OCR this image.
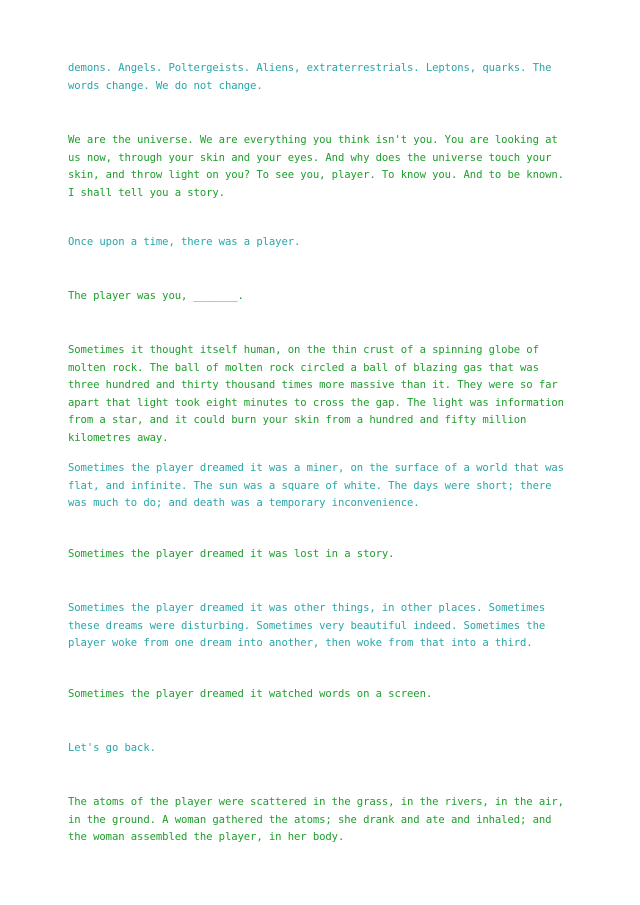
demons. Angels. Poltergeists. Aliens, extraterrestrials. Leptons, quarks. The words change. We do not change.

We are the universe. We are everything you think isn't you. You are looking at us now, through your skin and your eyes. And why does the universe touch your skin, and throw light on you? To see you, player. To know you. And to be known. I shall tell you a story.

Once upon a time, there was a player.

The player was you, _______.

Sometimes it thought itself human, on the thin crust of a spinning globe of molten rock. The ball of molten rock circled a ball of blazing gas that was three hundred and thirty thousand times more massive than it. They were so far apart that light took eight minutes to cross the gap. The light was information from a star, and it could burn your skin from a hundred and fifty million kilometres away.

Sometimes the player dreamed it was a miner, on the surface of a world that was flat, and infinite. The sun was a square of white. The days were short; there was much to do; and death was a temporary inconvenience.

Sometimes the player dreamed it was lost in a story.

Sometimes the player dreamed it was other things, in other places. Sometimes these dreams were disturbing. Sometimes very beautiful indeed. Sometimes the player woke from one dream into another, then woke from that into a third.

Sometimes the player dreamed it watched words on a screen.

Let's go back.

The atoms of the player were scattered in the grass, in the rivers, in the air, in the ground. A woman gathered the atoms; she drank and ate and inhaled; and the woman assembled the player, in her body.
